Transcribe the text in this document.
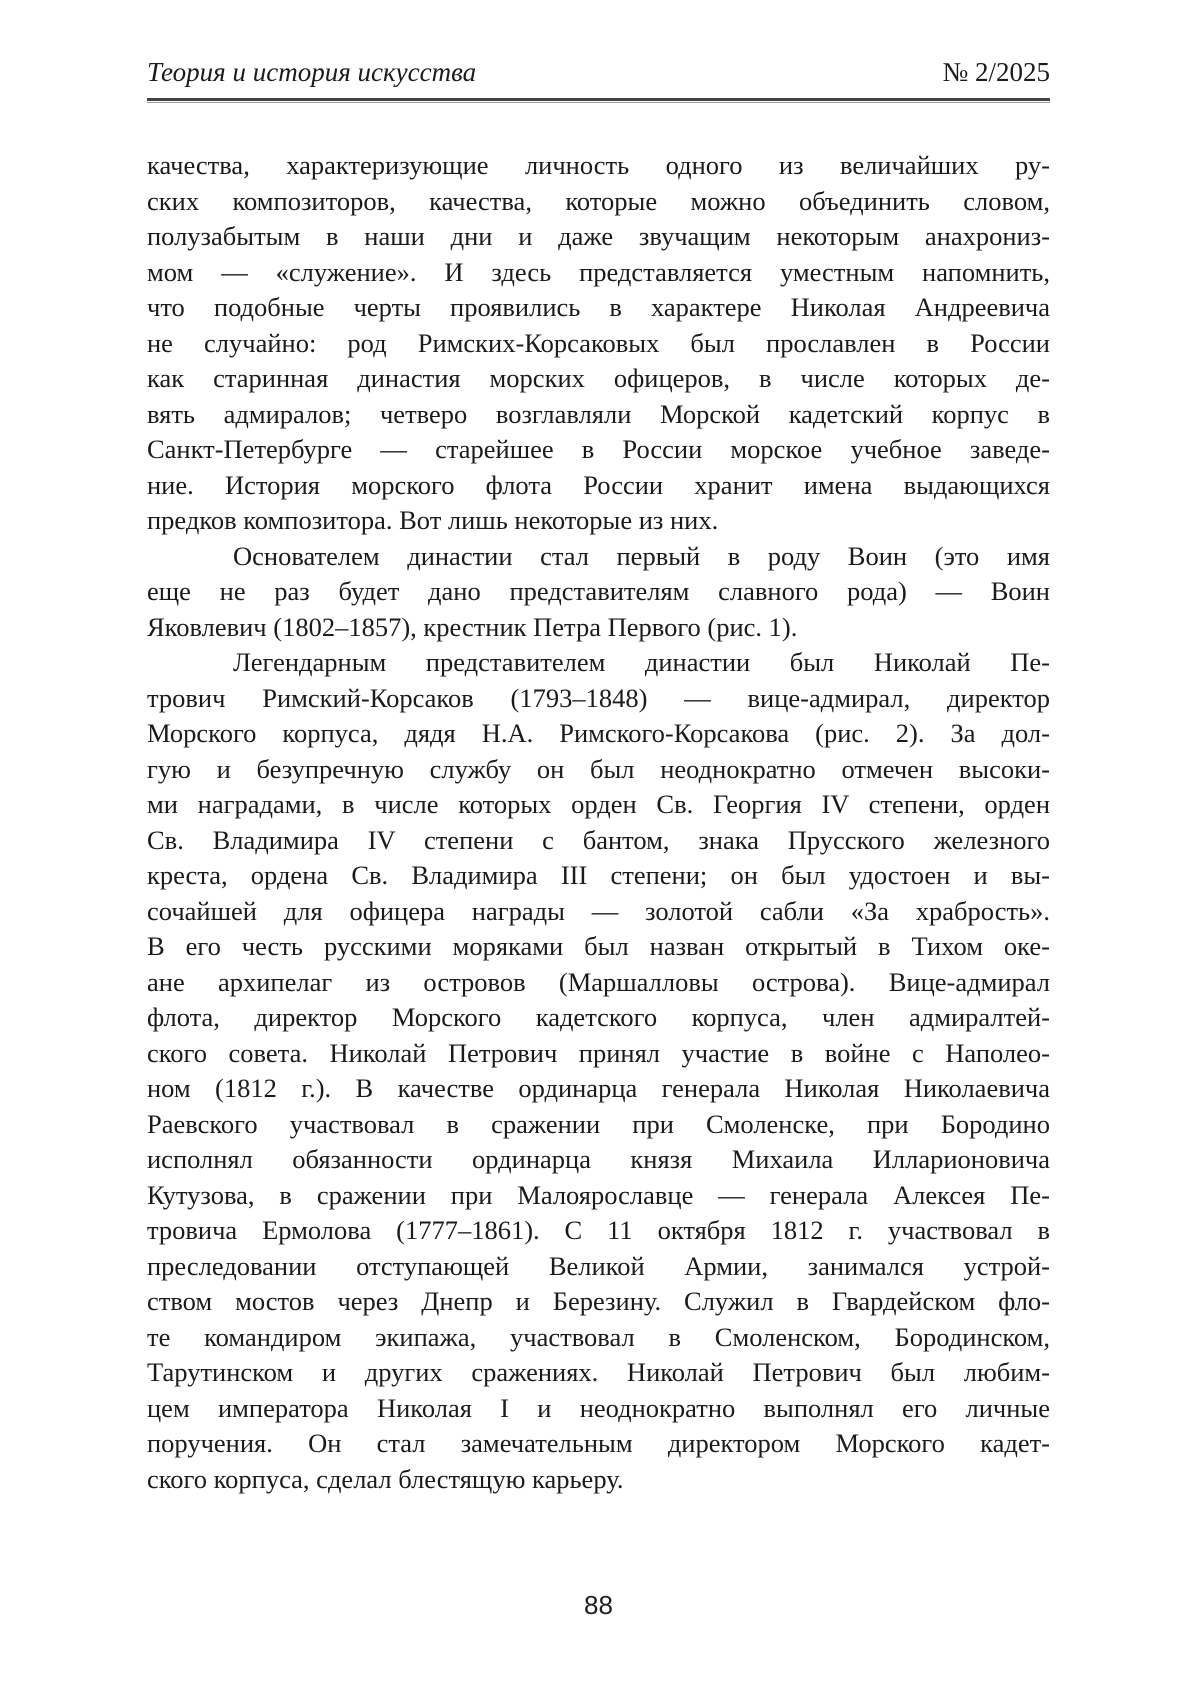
Теория и история искусства	№ 2/2025
качества, характеризующие личность одного из величайших ру-
ских композиторов, качества, которые можно объединить словом,
полузабытым в наши дни и даже звучащим некоторым анахрониз-
мом — «служение». И здесь представляется уместным напомнить,
что подобные черты проявились в характере Николая Андреевича
не случайно: род Римских-Корсаковых был прославлен в России
как старинная династия морских офицеров, в числе которых де-
вять адмиралов; четверо возглавляли Морской кадетский корпус в
Санкт-Петербурге — старейшее в России морское учебное заведе-
ние. История морского флота России хранит имена выдающихся
предков композитора. Вот лишь некоторые из них.
Основателем династии стал первый в роду Воин (это имя
еще не раз будет дано представителям славного рода) — Воин
Яковлевич (1802–1857), крестник Петра Первого (рис. 1).
Легендарным представителем династии был Николай Пе-
трович Римский-Корсаков (1793–1848) — вице-адмирал, директор
Морского корпуса, дядя Н.А. Римского-Корсакова (рис. 2). За дол-
гую и безупречную службу он был неоднократно отмечен высоки-
ми наградами, в числе которых орден Св. Георгия IV степени, орден
Св. Владимира IV степени с бантом, знака Прусского железного
креста, ордена Св. Владимира III степени; он был удостоен и вы-
сочайшей для офицера награды — золотой сабли «За храбрость».
В его честь русскими моряками был назван открытый в Тихом оке-
ане архипелаг из островов (Маршалловы острова). Вице-адмирал
флота, директор Морского кадетского корпуса, член адмиралтей-
ского совета. Николай Петрович принял участие в войне с Наполео-
ном (1812 г.). В качестве ординарца генерала Николая Николаевича
Раевского участвовал в сражении при Смоленске, при Бородино
исполнял обязанности ординарца князя Михаила Илларионовича
Кутузова, в сражении при Малоярославце — генерала Алексея Пе-
тровича Ермолова (1777–1861). С 11 октября 1812 г. участвовал в
преследовании отступающей Великой Армии, занимался устрой-
ством мостов через Днепр и Березину. Служил в Гвардейском фло-
те командиром экипажа, участвовал в Смоленском, Бородинском,
Тарутинском и других сражениях. Николай Петрович был любим-
цем императора Николая I и неоднократно выполнял его личные
поручения. Он стал замечательным директором Морского кадет-
ского корпуса, сделал блестящую карьеру.
88
